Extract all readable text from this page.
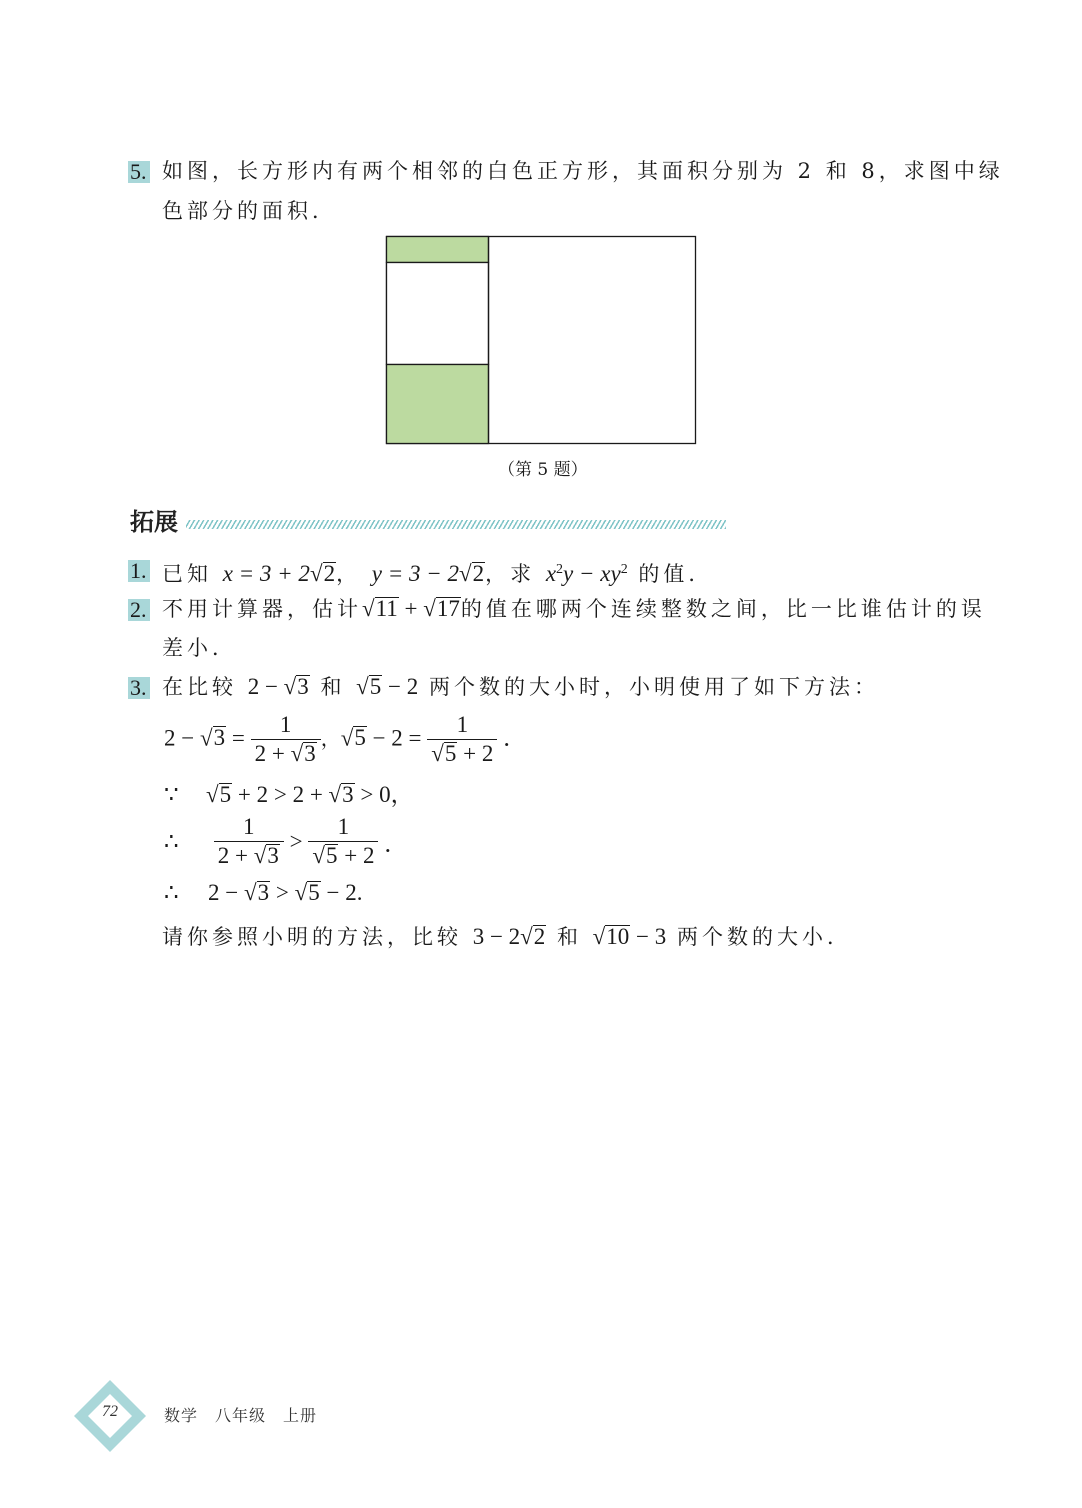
5. 如图，长方形内有两个相邻的白色正方形，其面积分别为 2 和 8，求图中绿
色部分的面积．
（第 5 题）
拓展
1. 已知 x = 3 + 2√2， y = 3 − 2√2，求 $x^2y - xy^2$ 的值．
2. 不用计算器，估计√11 + √17的值在哪两个连续整数之间，比一比谁估计的误
差小．
3. 在比较 2 − √3 和 √5 − 2 两个数的大小时，小明使用了如下方法：
$2 - √3 = \frac{1}{2 + √3}$ ，$√5 - 2 = \frac{1}{√5 + 2}$ ．
∵ √5 + 2 > 2 + √3 > 0，
∴ $\frac{1}{2 + √3} > \frac{1}{√5 + 2}$ ．
∴ 2 − √3 > √5 − 2.
请你参照小明的方法，比较 3 − 2√2 和 √10 − 3 两个数的大小．
72	数学　八年级　上册
